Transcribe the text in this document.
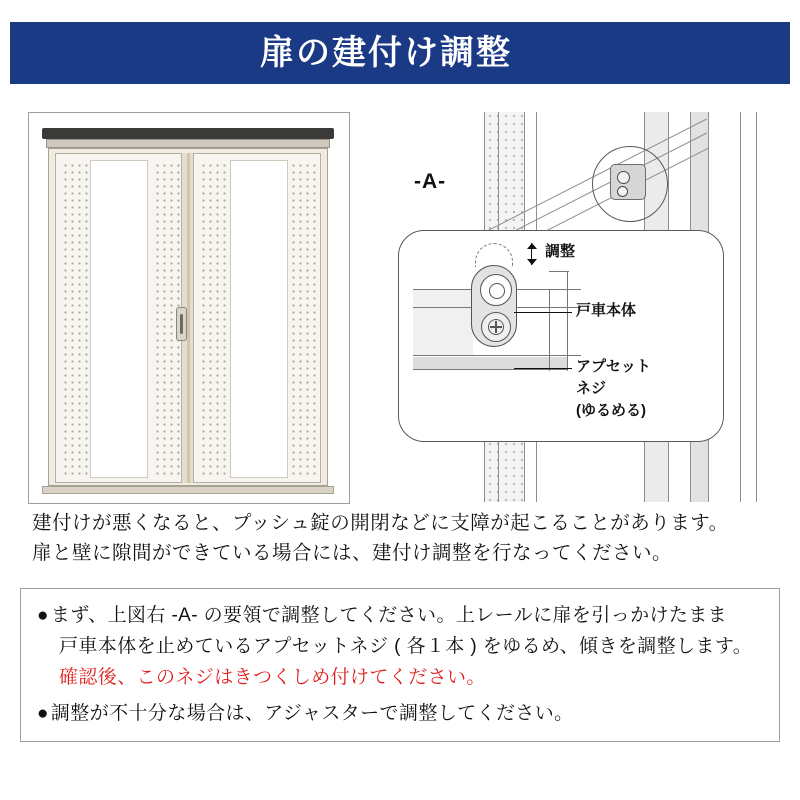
扉の建付け調整
-A-
調整
戸車本体
アプセット
ネジ
(ゆるめる)
建付けが悪くなると、プッシュ錠の開閉などに支障が起こることがあります。
扉と壁に隙間ができている場合には、建付け調整を行なってください。
● まず、上図右 -A- の要領で調整してください。上レールに扉を引っかけたまま
戸車本体を止めているアプセットネジ ( 各１本 ) をゆるめ、傾きを調整します。
確認後、このネジはきつくしめ付けてください。
● 調整が不十分な場合は、アジャスターで調整してください。
